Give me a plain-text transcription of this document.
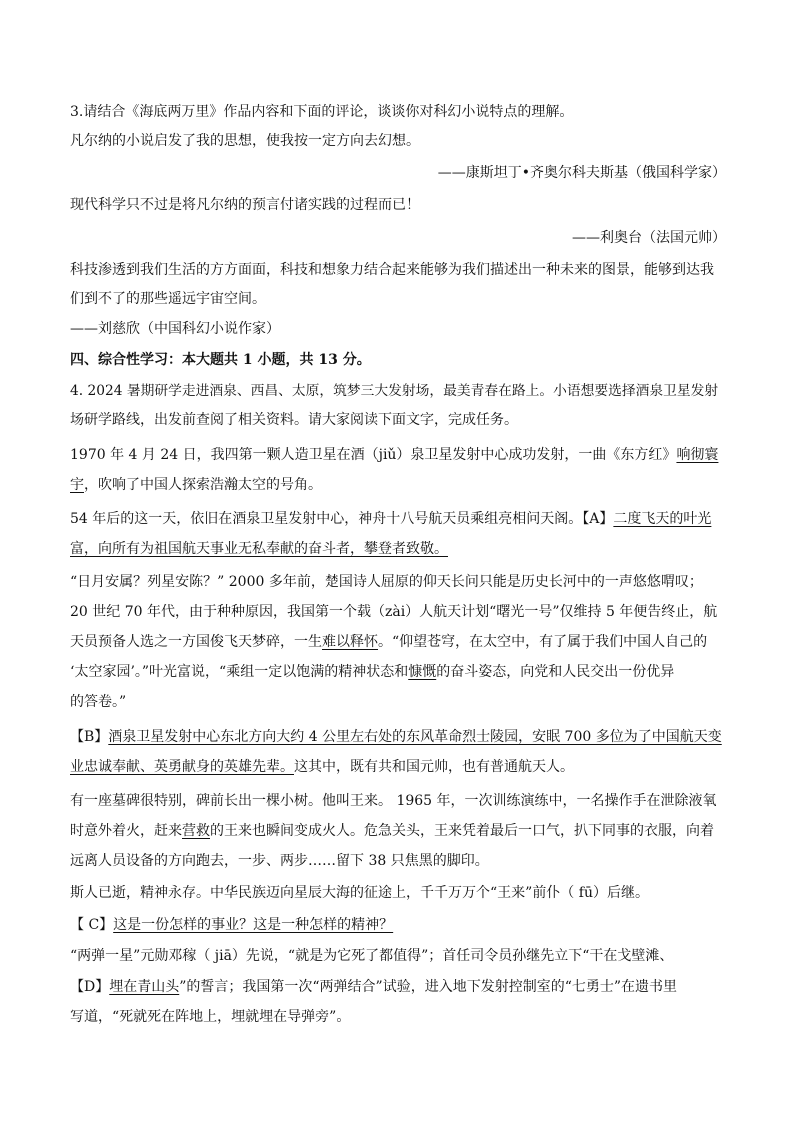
3.请结合《海底两万里》作品内容和下面的评论，谈谈你对科幻小说特点的理解。
凡尔纳的小说启发了我的思想，使我按一定方向去幻想。
——康斯坦丁•齐奥尔科夫斯基（俄国科学家）
现代科学只不过是将凡尔纳的预言付诸实践的过程而已！
——利奥台（法国元帅）
科技渗透到我们生活的方方面面，科技和想象力结合起来能够为我们描述出一种未来的图景，能够到达我
们到不了的那些遥远宇宙空间。
——刘慈欣（中国科幻小说作家）
四、综合性学习：本大题共 1 小题，共 13 分。
4. 2024 暑期研学走进酒泉、西昌、太原，筑梦三大发射场，最美青春在路上。小语想要选择酒泉卫星发射
场研学路线，出发前查阅了相关资料。请大家阅读下面文字，完成任务。
1970 年 4 月 24 日，我四第一颗人造卫星在酒（jiǔ）泉卫星发射中心成功发射，一曲《东方红》响彻寰
宇，吹响了中国人探索浩瀚太空的号角。
54 年后的这一天，依旧在酒泉卫星发射中心，神舟十八号航天员乘组亮相问天阁。【A】二度飞天的叶光
富，向所有为祖国航天事业无私奉献的奋斗者，攀登者致敬。
“日月安属？列星安陈？” 2000 多年前，楚国诗人屈原的仰天长问只能是历史长河中的一声悠悠喟叹；
20 世纪 70 年代，由于种种原因，我国第一个载（zài）人航天计划“曙光一号”仅维持 5 年便告终止，航
天员预备人选之一方国俊飞天梦碎，一生难以释怀。“仰望苍穹，在太空中，有了属于我们中国人自己的
‘太空家园’。”叶光富说，“乘组一定以饱满的精神状态和慷慨的奋斗姿态，向党和人民交出一份优异
的答卷。”
【B】酒泉卫星发射中心东北方向大约 4 公里左右处的东风革命烈士陵园，安眠 700 多位为了中国航天变
业忠诚奉献、英勇献身的英雄先辈。这其中，既有共和国元帅，也有普通航天人。
有一座墓碑很特别，碑前长出一棵小树。他叫王来。 1965 年，一次训练演练中，一名操作手在泄除液氧
时意外着火，赶来营救的王来也瞬间变成火人。危急关头，王来凭着最后一口气，扒下同事的衣服，向着
远离人员设备的方向跑去，一步、两步……留下 38 只焦黑的脚印。
斯人已逝，精神永存。中华民族迈向星辰大海的征途上，千千万万个“王来”前仆（ fū）后继。
【 C】这是一份怎样的事业？这是一种怎样的精神？
“两弹一星”元勋邓稼（ jiā）先说，“就是为它死了都值得”；首任司令员孙继先立下“干在戈壁滩、
【D】埋在青山头”的誓言；我国第一次“两弹结合”试验，进入地下发射控制室的“七勇士”在遗书里
写道，“死就死在阵地上，埋就埋在导弹旁”。
